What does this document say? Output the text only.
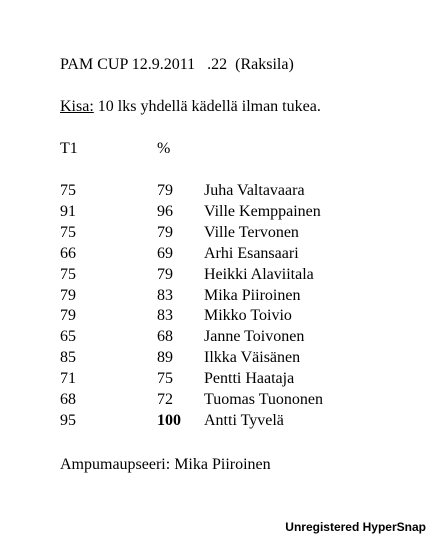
PAM CUP 12.9.2011   .22  (Raksila)
Kisa: 10 lks yhdellä kädellä ilman tukea.
T1	%
75	79 Juha Valtavaara
91	96 Ville Kemppainen
75	79 Ville Tervonen
66	69 Arhi Esansaari
75	79 Heikki Alaviitala
79	83 Mika Piiroinen
79	83 Mikko Toivio
65	68 Janne Toivonen
85	89 Ilkka Väisänen
71	75 Pentti Haataja
68	72 Tuomas Tuononen
95	100 Antti Tyvelä
Ampumaupseeri: Mika Piiroinen
Unregistered HyperSnap
